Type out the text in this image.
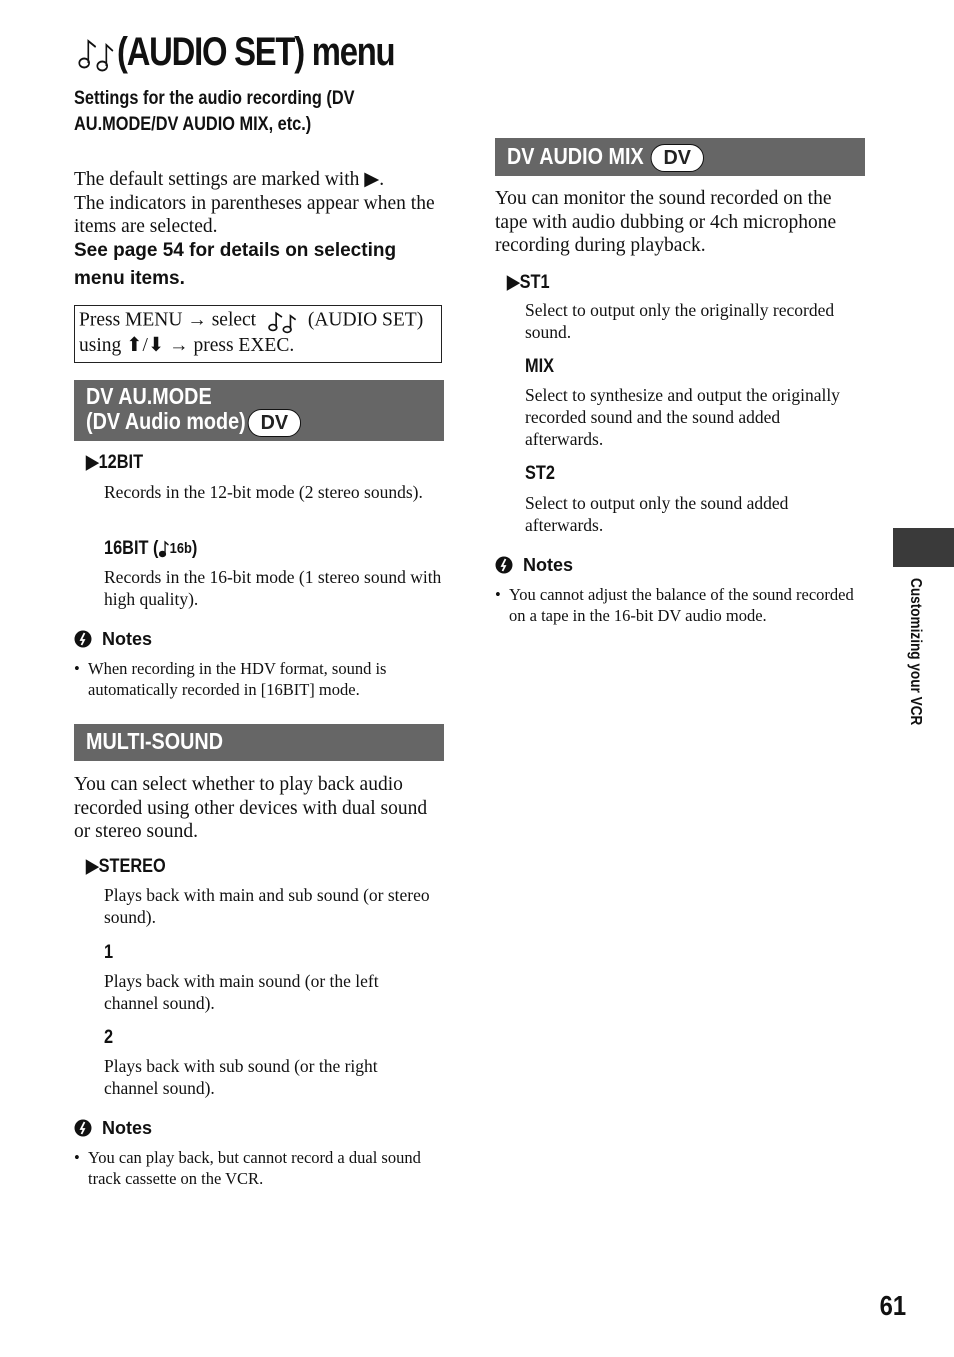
(AUDIO SET) menu
Settings for the audio recording (DV AU.MODE/DV AUDIO MIX, etc.)
The default settings are marked with ▶.
The indicators in parentheses appear when the items are selected.
See page 54 for details on selecting menu items.
Press MENU → select	(AUDIO SET) using ⬆/⬇ → press EXEC.
DV AU.MODE
(DV Audio mode) DV
▶12BIT
Records in the 12-bit mode (2 stereo sounds).
16BIT ( 16b )
Records in the 16-bit mode (1 stereo sound with high quality).
Notes
• When recording in the HDV format, sound is automatically recorded in [16BIT] mode.
MULTI-SOUND
You can select whether to play back audio recorded using other devices with dual sound or stereo sound.
▶STEREO
Plays back with main and sub sound (or stereo sound).
1
Plays back with main sound (or the left channel sound).
2
Plays back with sub sound (or the right channel sound).
Notes
• You can play back, but cannot record a dual sound track cassette on the VCR.
DV AUDIO MIX DV
You can monitor the sound recorded on the tape with audio dubbing or 4ch microphone recording during playback.
▶ST1
Select to output only the originally recorded sound.
MIX
Select to synthesize and output the originally recorded sound and the sound added afterwards.
ST2
Select to output only the sound added afterwards.
Notes
• You cannot adjust the balance of the sound recorded on a tape in the 16-bit DV audio mode.	Customizing your VCR
61
